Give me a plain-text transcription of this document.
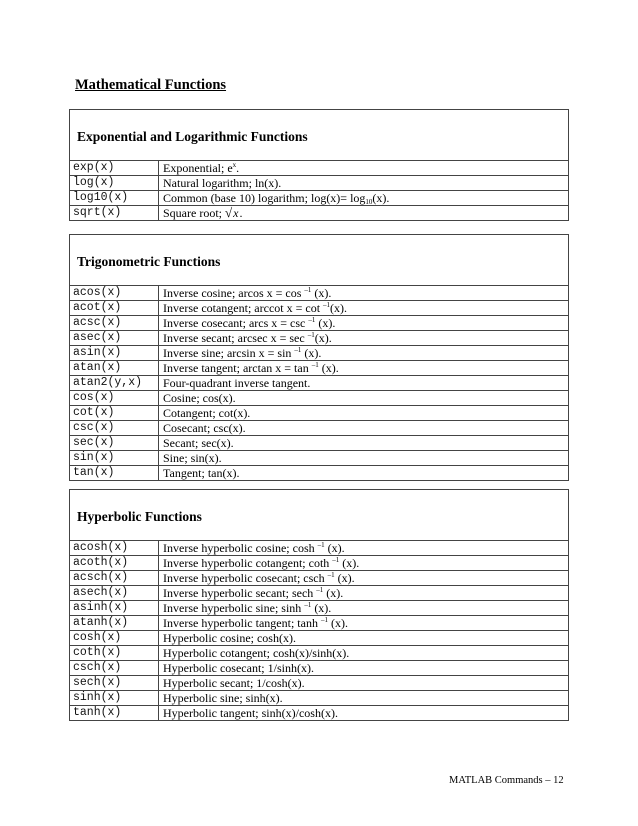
Mathematical Functions
Exponential and Logarithmic Functions
exp(x)	Exponential; $e^x$.
log(x)	Natural logarithm; ln(x).
log10(x)	Common (base 10) logarithm; $\log(x)= \log_{10}(x)$.
sqrt(x)	Square root; √x.
Trigonometric Functions
acos(x)	Inverse cosine; arcos x = cos $^{-1}$ (x).
acot(x)	Inverse cotangent; arccot x = cot $^{-1}$(x).
acsc(x)	Inverse cosecant; arcs x = csc $^{-1}$ (x).
asec(x)	Inverse secant; arcsec x = sec $^{-1}$(x).
asin(x)	Inverse sine; arcsin x = sin $^{-1}$ (x).
atan(x)	Inverse tangent; arctan x = tan $^{-1}$ (x).
atan2(y,x)	Four-quadrant inverse tangent.
cos(x)	Cosine; cos(x).
cot(x)	Cotangent; cot(x).
csc(x)	Cosecant; csc(x).
sec(x)	Secant; sec(x).
sin(x)	Sine; sin(x).
tan(x)	Tangent; tan(x).
Hyperbolic Functions
acosh(x)	Inverse hyperbolic cosine; cosh $^{-1}$ (x).
acoth(x)	Inverse hyperbolic cotangent; coth $^{-1}$ (x).
acsch(x)	Inverse hyperbolic cosecant; csch $^{-1}$ (x).
asech(x)	Inverse hyperbolic secant; sech $^{-1}$ (x).
asinh(x)	Inverse hyperbolic sine; sinh $^{-1}$ (x).
atanh(x)	Inverse hyperbolic tangent; tanh $^{-1}$ (x).
cosh(x)	Hyperbolic cosine; cosh(x).
coth(x)	Hyperbolic cotangent; cosh(x)/sinh(x).
csch(x)	Hyperbolic cosecant; 1/sinh(x).
sech(x)	Hyperbolic secant; 1/cosh(x).
sinh(x)	Hyperbolic sine; sinh(x).
tanh(x)	Hyperbolic tangent; sinh(x)/cosh(x).
MATLAB Commands – 12
